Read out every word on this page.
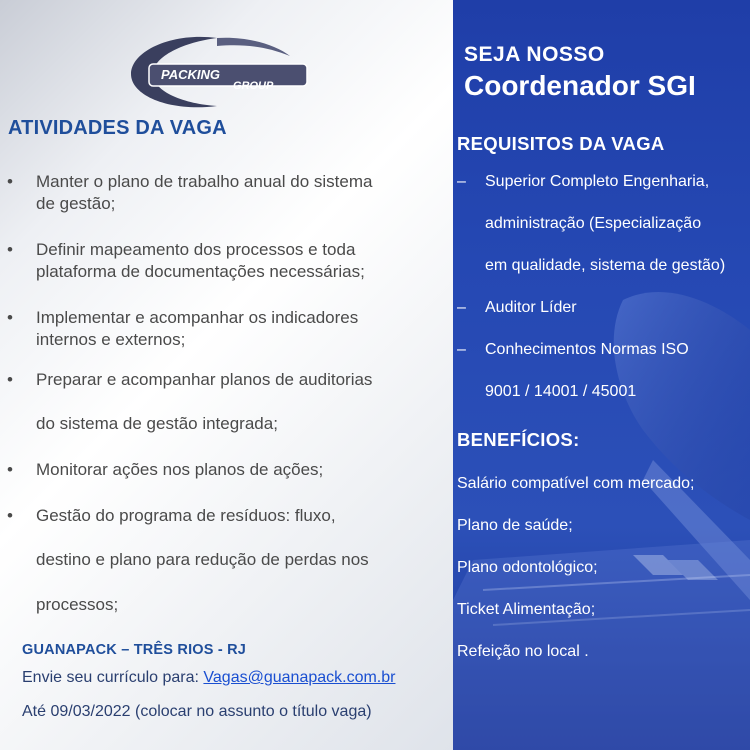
PACKING
GROUP
ATIVIDADES DA VAGA
• Manter o plano de trabalho anual do sistema
de gestão;
• Definir mapeamento dos processos e toda
plataforma de documentações necessárias;
• Implementar e acompanhar os indicadores
internos e externos;
• Preparar e acompanhar planos de auditorias
do sistema de gestão integrada;
• Monitorar ações nos planos de ações;
• Gestão do programa de resíduos: fluxo,
destino e plano para redução de perdas nos
processos;
GUANAPACK – TRÊS RIOS - RJ
Envie seu currículo para: Vagas@guanapack.com.br
Até 09/03/2022 (colocar no assunto o título vaga)
SEJA NOSSO
Coordenador SGI
REQUISITOS DA VAGA
– Superior Completo Engenharia,
administração (Especialização
em qualidade, sistema de gestão)
– Auditor Líder
– Conhecimentos Normas ISO
9001 / 14001 / 45001
BENEFÍCIOS:
Salário compatível com mercado;
Plano de saúde;
Plano odontológico;
Ticket Alimentação;
Refeição no local .
